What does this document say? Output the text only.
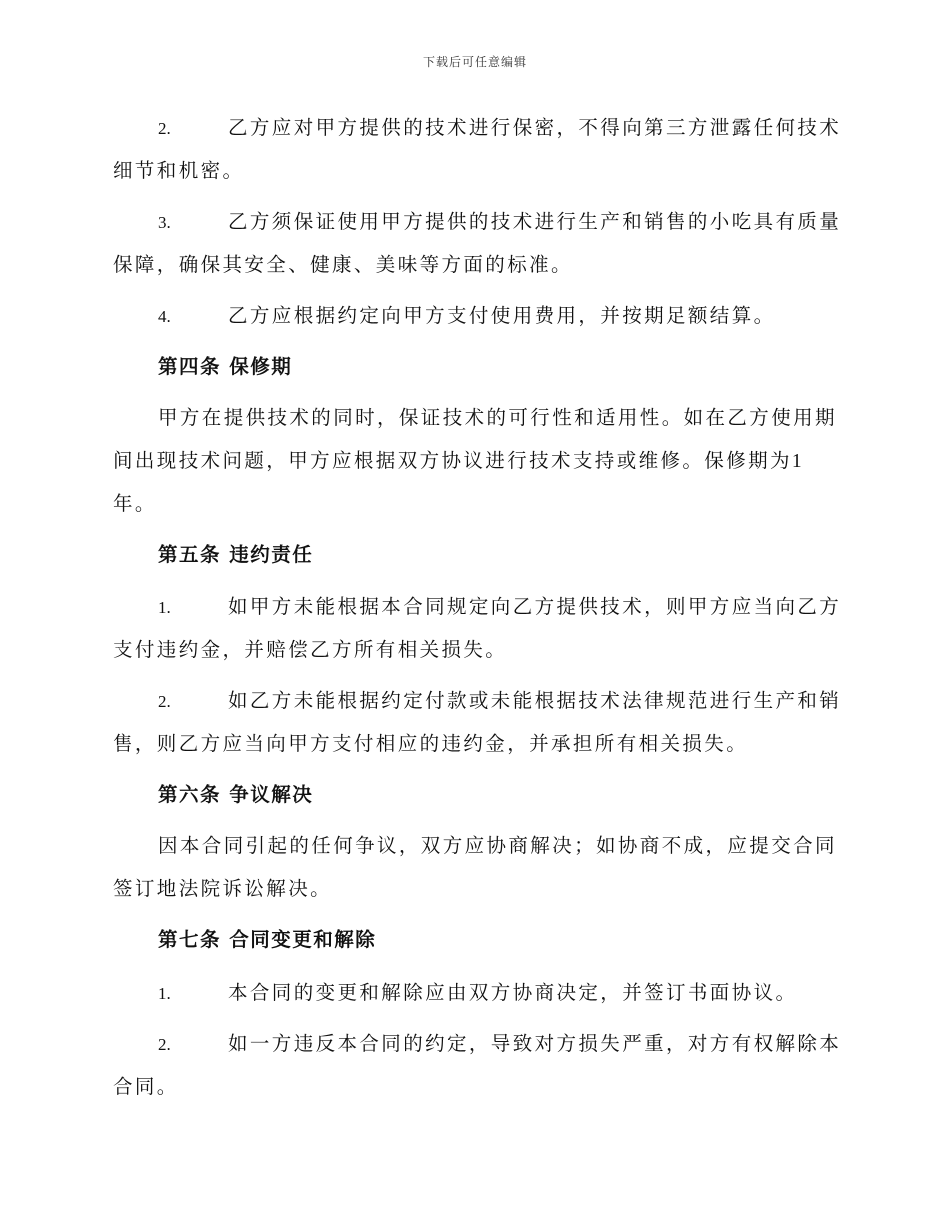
下载后可任意编辑
2.	乙方应对甲方提供的技术进行保密，不得向第三方泄露任何技术
细节和机密。
3.	乙方须保证使用甲方提供的技术进行生产和销售的小吃具有质量
保障，确保其安全、健康、美味等方面的标准。
4.	乙方应根据约定向甲方支付使用费用，并按期足额结算。
第四条 保修期
甲方在提供技术的同时，保证技术的可行性和适用性。如在乙方使用期
间出现技术问题，甲方应根据双方协议进行技术支持或维修。保修期为1
年。
第五条 违约责任
1.	如甲方未能根据本合同规定向乙方提供技术，则甲方应当向乙方
支付违约金，并赔偿乙方所有相关损失。
2.	如乙方未能根据约定付款或未能根据技术法律规范进行生产和销
售，则乙方应当向甲方支付相应的违约金，并承担所有相关损失。
第六条 争议解决
因本合同引起的任何争议，双方应协商解决；如协商不成，应提交合同
签订地法院诉讼解决。
第七条 合同变更和解除
1.	本合同的变更和解除应由双方协商决定，并签订书面协议。
2.	如一方违反本合同的约定，导致对方损失严重，对方有权解除本
合同。
